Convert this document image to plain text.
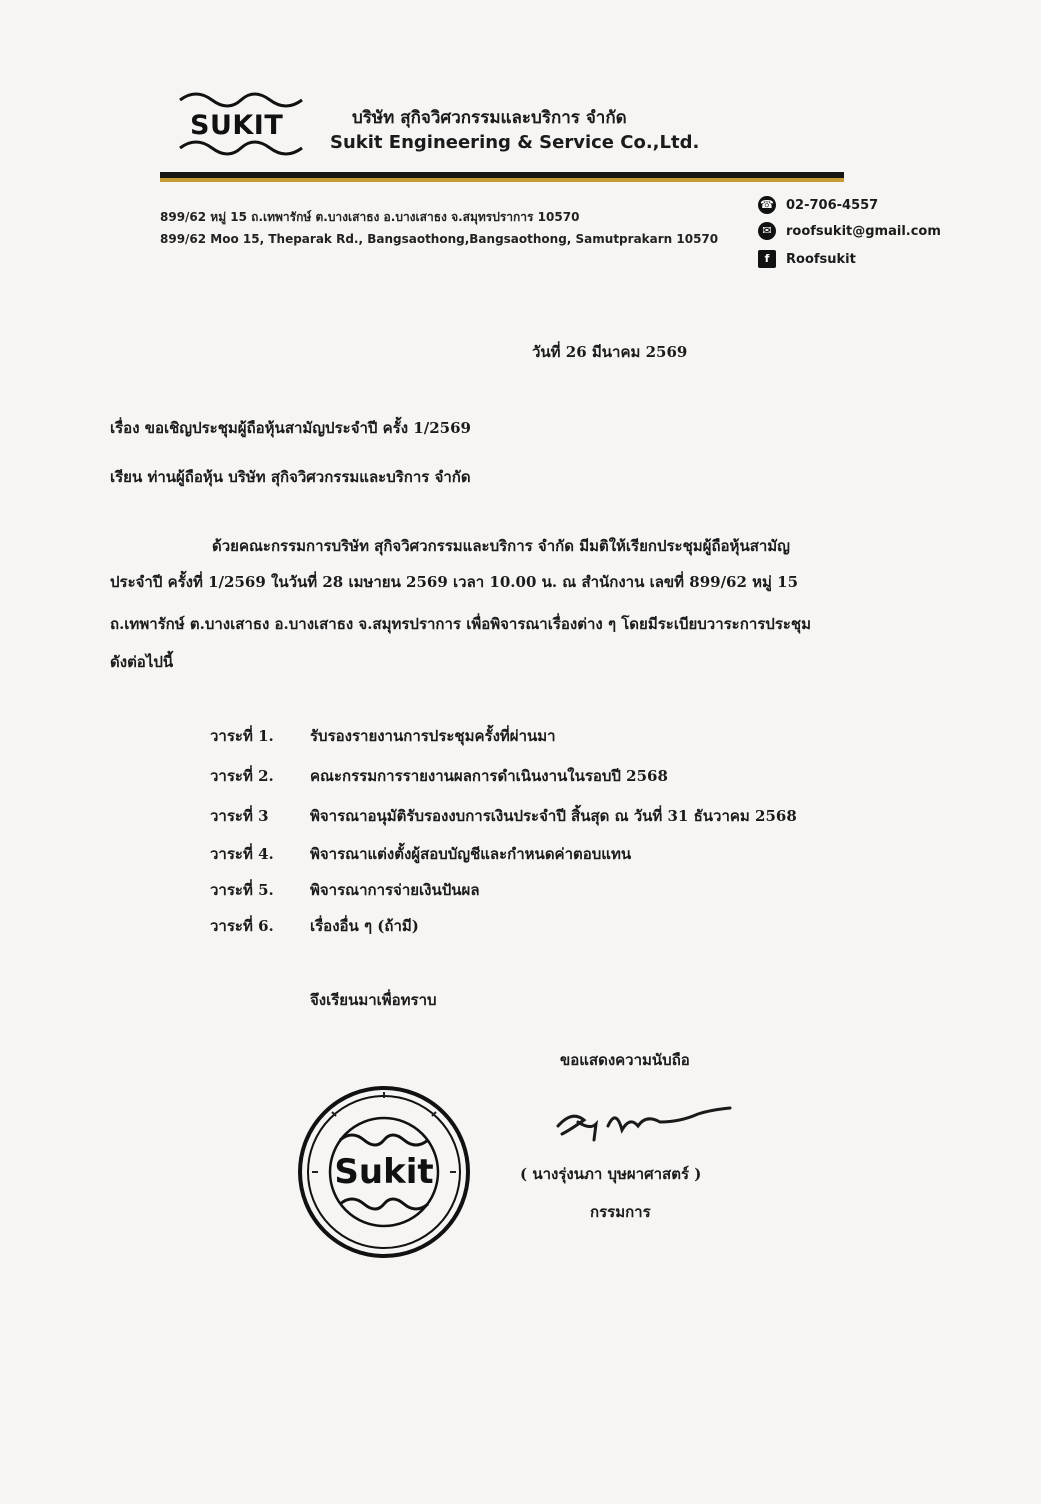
SUKIT	บริษัท สุกิจวิศวกรรมและบริการ จำกัด
Sukit Engineering & Service Co.,Ltd.
899/62 หมู่ 15 ถ.เทพารักษ์ ต.บางเสาธง อ.บางเสาธง จ.สมุทรปราการ 10570
899/62 Moo 15, Theparak Rd., Bangsaothong,Bangsaothong, Samutprakarn 10570
☎ 02-706-4557
✉	roofsukit@gmail.com
f	Roofsukit
วันที่ 26 มีนาคม 2569
เรื่อง ขอเชิญประชุมผู้ถือหุ้นสามัญประจำปี ครั้ง 1/2569
เรียน ท่านผู้ถือหุ้น บริษัท สุกิจวิศวกรรมและบริการ จำกัด
ด้วยคณะกรรมการบริษัท สุกิจวิศวกรรมและบริการ จำกัด มีมติให้เรียกประชุมผู้ถือหุ้นสามัญ
ประจำปี ครั้งที่ 1/2569 ในวันที่ 28 เมษายน 2569 เวลา 10.00 น. ณ สำนักงาน เลขที่ 899/62 หมู่ 15
ถ.เทพารักษ์ ต.บางเสาธง อ.บางเสาธง จ.สมุทรปราการ เพื่อพิจารณาเรื่องต่าง ๆ โดยมีระเบียบวาระการประชุม
ดังต่อไปนี้
วาระที่ 1. รับรองรายงานการประชุมครั้งที่ผ่านมา
วาระที่ 2. คณะกรรมการรายงานผลการดำเนินงานในรอบปี 2568
วาระที่ 3	พิจารณาอนุมัติรับรองงบการเงินประจำปี สิ้นสุด ณ วันที่ 31 ธันวาคม 2568
วาระที่ 4. พิจารณาแต่งตั้งผู้สอบบัญชีและกำหนดค่าตอบแทน
วาระที่ 5. พิจารณาการจ่ายเงินปันผล
วาระที่ 6. เรื่องอื่น ๆ (ถ้ามี)
จึงเรียนมาเพื่อทราบ
ขอแสดงความนับถือ
( นางรุ่งนภา บุษผาศาสตร์ )
กรรมการ
Sukit
